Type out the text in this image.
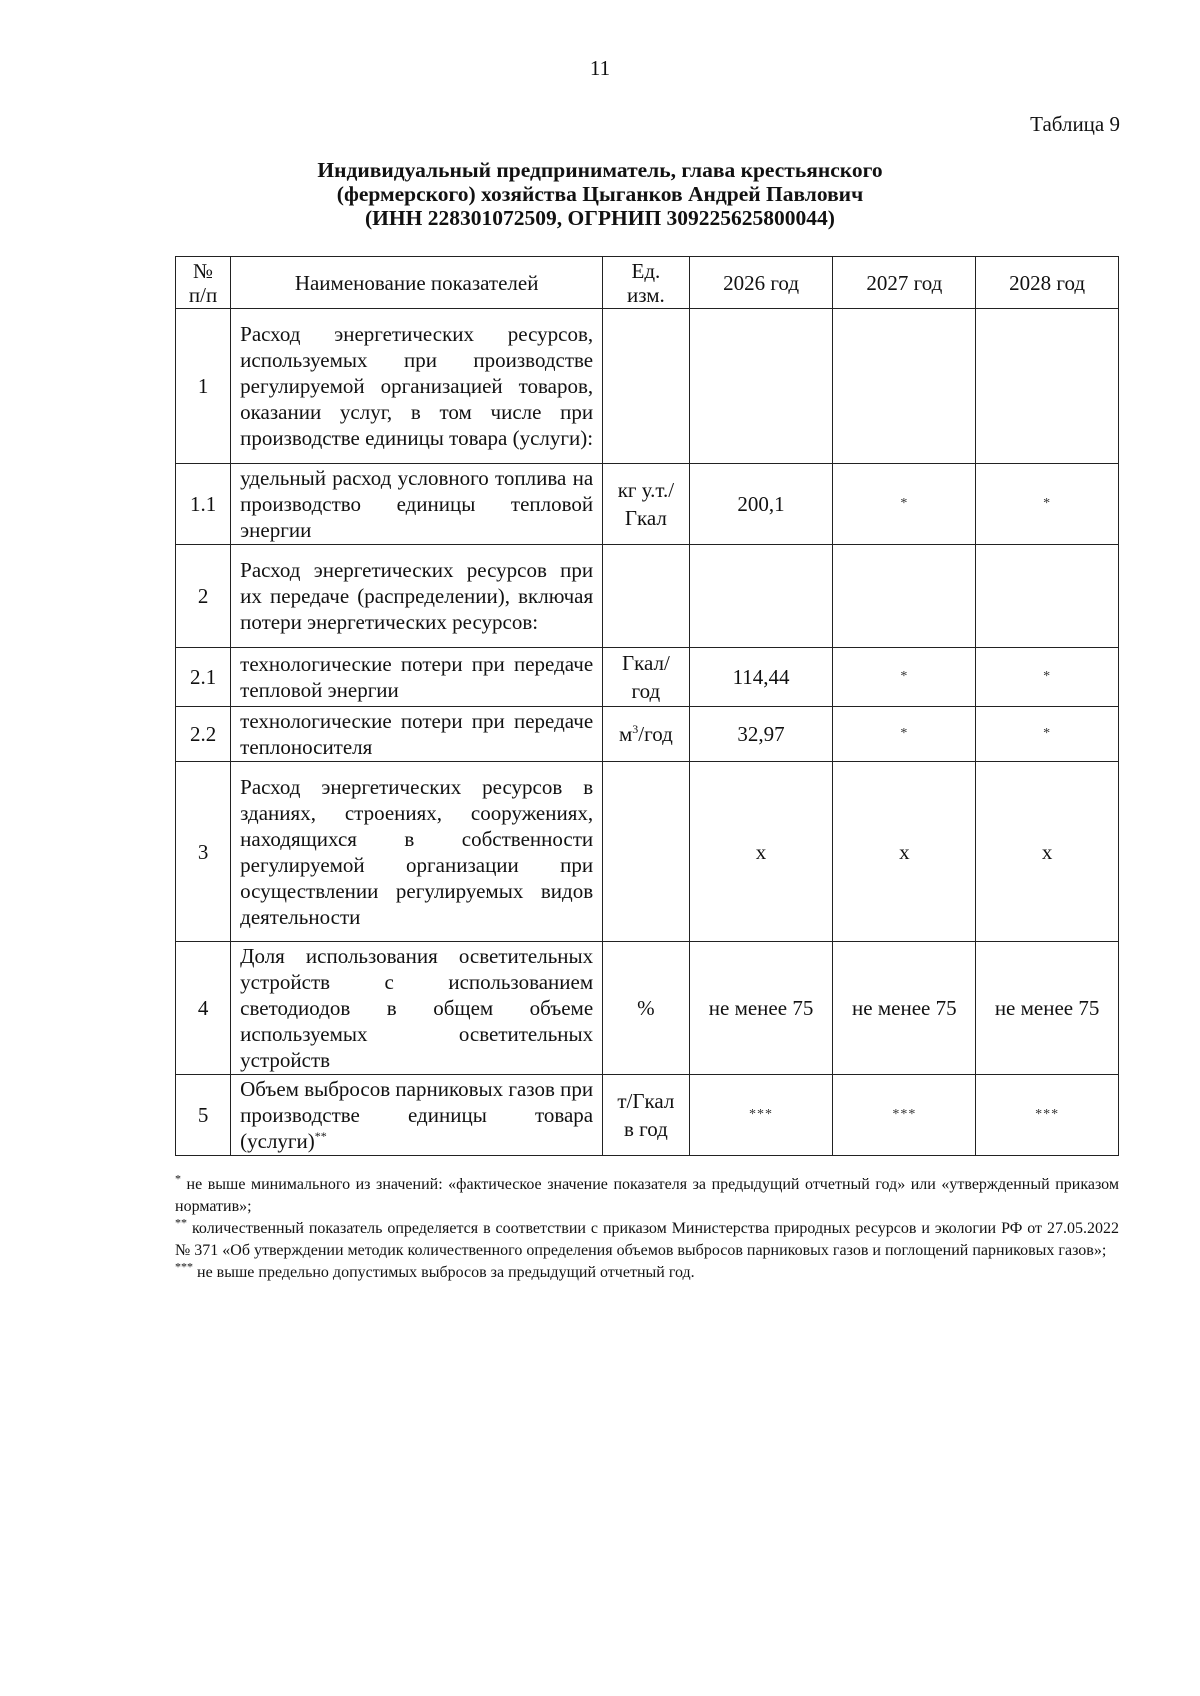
11
Таблица 9
Индивидуальный предприниматель, глава крестьянского
(фермерского) хозяйства Цыганков Андрей Павлович
(ИНН 228301072509, ОГРНИП 309225625800044)
№ п/п	Наименование показателей	Ед. изм.	2026 год	2027 год	2028 год
1	Расход энергетических ресурсов, используемых при производстве регулируемой организацией товаров, оказании услуг, в том числе при производстве единицы товара (услуги):				
1.1	удельный расход условного топлива на производство единицы тепловой энергии	кг у.т./ Гкал	200,1	*	*
2	Расход энергетических ресурсов при их передаче (распределении), включая потери энергетических ресурсов:				
2.1	технологические потери при передаче тепловой энергии	Гкал/ год	114,44	*	*
2.2	технологические потери при передаче теплоносителя	$м^3$/год	32,97	*	*
3	Расход энергетических ресурсов в зданиях, строениях, сооружениях, находящихся в собственности регулируемой организации при осуществлении регулируемых видов деятельности		х	х	х
4	Доля использования осветительных устройств с использованием светодиодов в общем объеме используемых осветительных устройств	%	не менее 75	не менее 75	не менее 75
5	Объем выбросов парниковых газов при производстве единицы товара (услуги)**	т/Гкал в год	***	***	***

* не выше минимального из значений: «фактическое значение показателя за предыдущий отчетный год» или «утвержденный приказом норматив»;

** количественный показатель определяется в соответствии с приказом Министерства природных ресурсов и экологии РФ от 27.05.2022 № 371 «Об утверждении методик количественного определения объемов выбросов парниковых газов и поглощений парниковых газов»;

*** не выше предельно допустимых выбросов за предыдущий отчетный год.
